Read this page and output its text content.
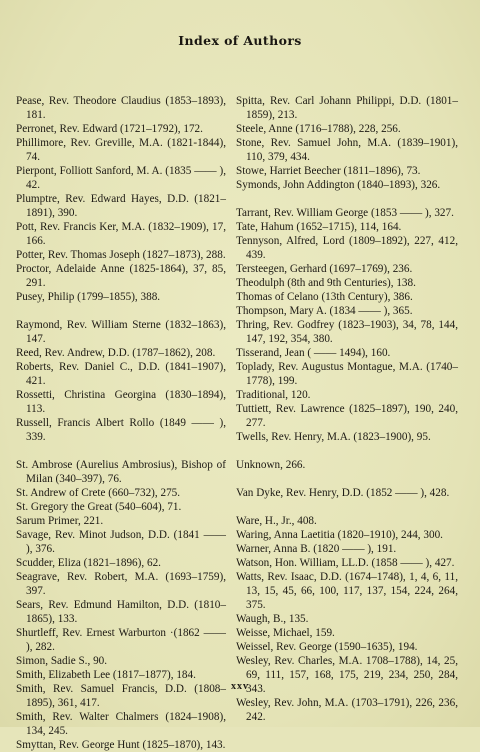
Index of Authors
Pease, Rev. Theodore Claudius (1853–1893), 181.
Perronet, Rev. Edward (1721–1792), 172.
Phillimore, Rev. Greville, M.A. (1821-1844), 74.
Pierpont, Folliott Sanford, M. A. (1835 —— ), 42.
Plumptre, Rev. Edward Hayes, D.D. (1821–1891), 390.
Pott, Rev. Francis Ker, M.A. (1832–1909), 17, 166.
Potter, Rev. Thomas Joseph (1827–1873), 288.
Proctor, Adelaide Anne (1825-1864), 37, 85, 291.
Pusey, Philip (1799–1855), 388.
Raymond, Rev. William Sterne (1832–1863), 147.
Reed, Rev. Andrew, D.D. (1787–1862), 208.
Roberts, Rev. Daniel C., D.D. (1841–1907), 421.
Rossetti, Christina Georgina (1830–1894), 113.
Russell, Francis Albert Rollo (1849 —— ), 339.
St. Ambrose (Aurelius Ambrosius), Bishop of Milan (340–397), 76.
St. Andrew of Crete (660–732), 275.
St. Gregory the Great (540–604), 71.
Sarum Primer, 221.
Savage, Rev. Minot Judson, D.D. (1841 —— ), 376.
Scudder, Eliza (1821–1896), 62.
Seagrave, Rev. Robert, M.A. (1693–1759), 397.
Sears, Rev. Edmund Hamilton, D.D. (1810–1865), 133.
Shurtleff, Rev. Ernest Warburton ·(1862 —— ), 282.
Simon, Sadie S., 90.
Smith, Elizabeth Lee (1817–1877), 184.
Smith, Rev. Samuel Francis, D.D. (1808–1895), 361, 417.
Smith, Rev. Walter Chalmers (1824–1908), 134, 245.
Smyttan, Rev. George Hunt (1825–1870), 143.
Spitta, Rev. Carl Johann Philippi, D.D. (1801–1859), 213.
Steele, Anne (1716–1788), 228, 256.
Stone, Rev. Samuel John, M.A. (1839–1901), 110, 379, 434.
Stowe, Harriet Beecher (1811–1896), 73.
Symonds, John Addington (1840–1893), 326.
Tarrant, Rev. William George (1853 —— ), 327.
Tate, Hahum (1652–1715), 114, 164.
Tennyson, Alfred, Lord (1809–1892), 227, 412, 439.
Tersteegen, Gerhard (1697–1769), 236.
Theodulph (8th and 9th Centuries), 138.
Thomas of Celano (13th Century), 386.
Thompson, Mary A. (1834 —— ), 365.
Thring, Rev. Godfrey (1823–1903), 34, 78, 144, 147, 192, 354, 380.
Tisserand, Jean ( —— 1494), 160.
Toplady, Rev. Augustus Montague, M.A. (1740–1778), 199.
Traditional, 120.
Tuttiett, Rev. Lawrence (1825–1897), 190, 240, 277.
Twells, Rev. Henry, M.A. (1823–1900), 95.
Unknown, 266.
Van Dyke, Rev. Henry, D.D. (1852 —— ), 428.
Ware, H., Jr., 408.
Waring, Anna Laetitia (1820–1910), 244, 300.
Warner, Anna B. (1820 —— ), 191.
Watson, Hon. William, LL.D. (1858 —— ), 427.
Watts, Rev. Isaac, D.D. (1674–1748), 1, 4, 6, 11, 13, 15, 45, 66, 100, 117, 137, 154, 224, 264, 375.
Waugh, B., 135.
Weisse, Michael, 159.
Weissel, Rev. George (1590–1635), 194.
Wesley, Rev. Charles, M.A. 1708–1788), 14, 25, 69, 111, 157, 168, 175, 219, 234, 250, 284, 343.
Wesley, Rev. John, M.A. (1703–1791), 226, 236, 242.
xxv
